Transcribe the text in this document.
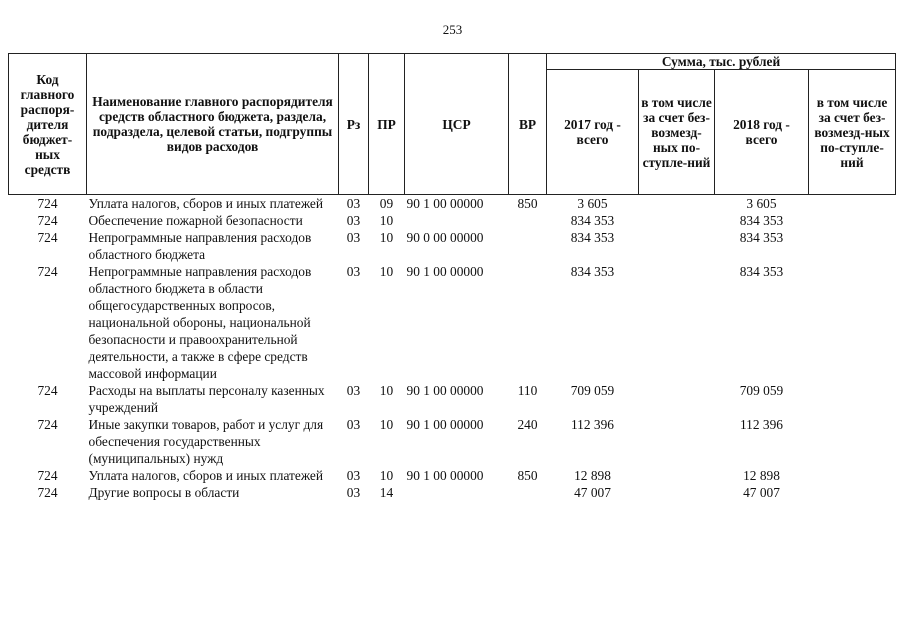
253
Код главного распоря-дителя бюджет-ных средств	Наименование главного распорядителя средств областного бюджета, раздела, подраздела, целевой статьи, подгруппы видов расходов	Рз	ПР	ЦСР	ВР	Сумма, тыс. рублей			
						2017 год - всего	в том числе за счет без-возмезд-ных по-ступле-ний	2018 год - всего	в том числе за счет без-возмезд-ных по-ступле-ний
724	Уплата налогов, сборов и иных платежей	03	09	90 1 00 00000	850	3 605		3 605	
724	Обеспечение пожарной безопасности	03	10			834 353		834 353	
724	Непрограммные направления расходов областного бюджета	03	10	90 0 00 00000		834 353		834 353	
724	Непрограммные направления расходов областного бюджета в области общегосударственных вопросов, национальной обороны, национальной безопасности и правоохранительной деятельности, а также в сфере средств массовой информации	03	10	90 1 00 00000		834 353		834 353	
724	Расходы на выплаты персоналу казенных учреждений	03	10	90 1 00 00000	110	709 059		709 059	
724	Иные закупки товаров, работ и услуг для обеспечения государственных (муниципальных) нужд	03	10	90 1 00 00000	240	112 396		112 396	
724	Уплата налогов, сборов и иных платежей	03	10	90 1 00 00000	850	12 898		12 898	
724	Другие вопросы в области	03	14			47 007		47 007	
